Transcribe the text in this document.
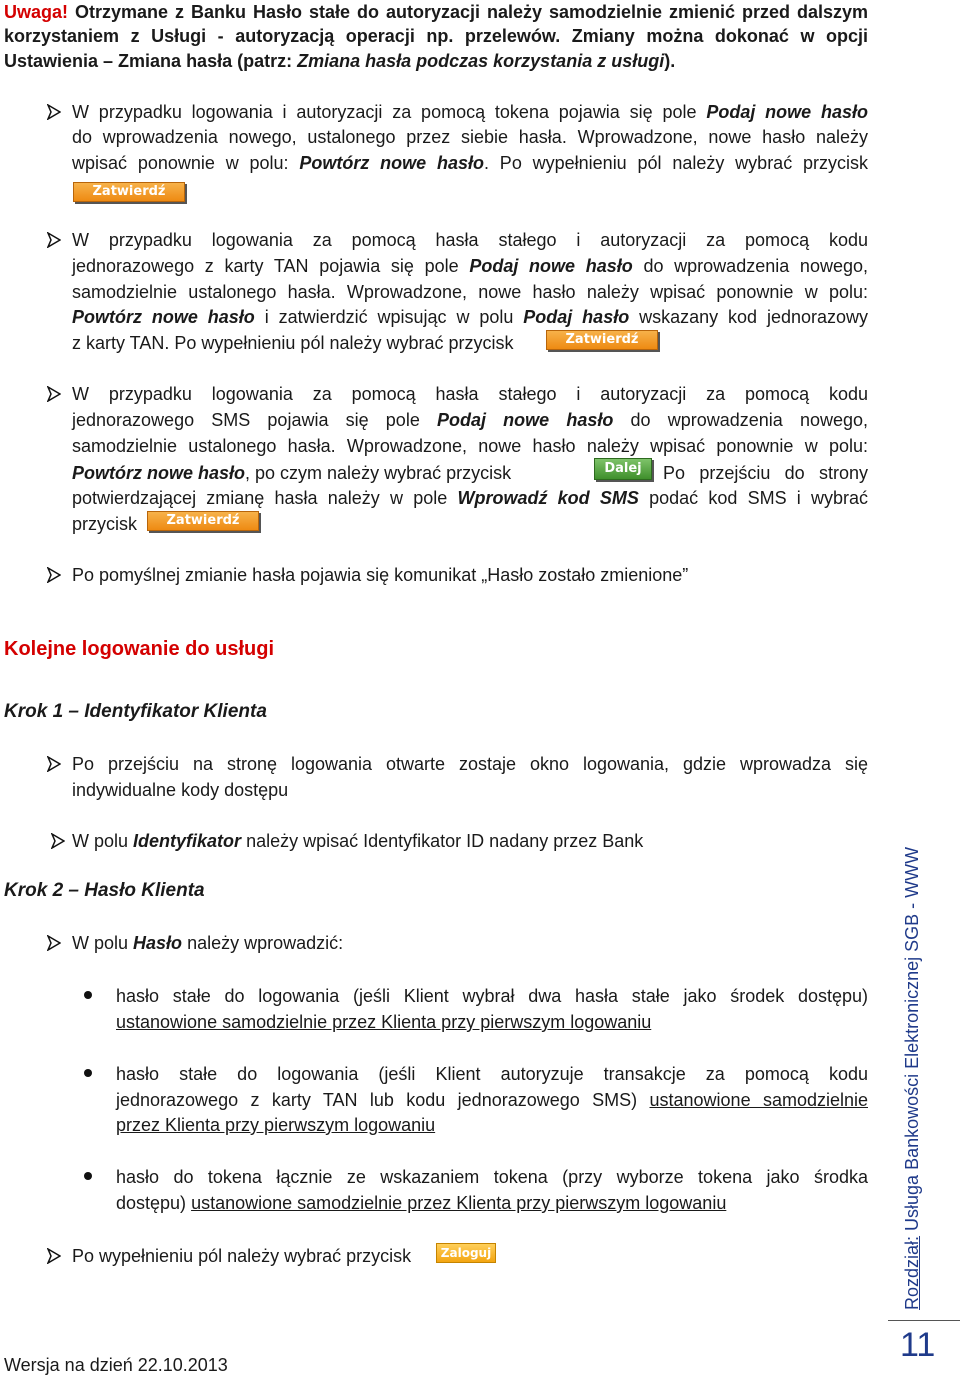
Uwaga! Otrzymane z Banku Hasło stałe do autoryzacji należy samodzielnie zmienić przed dalszym
korzystaniem z Usługi - autoryzacją operacji np. przelewów. Zmiany można dokonać w opcji
Ustawienia – Zmiana hasła (patrz: Zmiana hasła podczas korzystania z usługi).
W przypadku logowania i autoryzacji za pomocą tokena pojawia się pole Podaj nowe hasło
do wprowadzenia nowego, ustalonego przez siebie hasła. Wprowadzone, nowe hasło należy
wpisać ponownie w polu: Powtórz nowe hasło. Po wypełnieniu pól należy wybrać przycisk
Zatwierdź
W przypadku logowania za pomocą hasła stałego i autoryzacji za pomocą kodu
jednorazowego z karty TAN pojawia się pole Podaj nowe hasło do wprowadzenia nowego,
samodzielnie ustalonego hasła. Wprowadzone, nowe hasło należy wpisać ponownie w polu:
Powtórz nowe hasło i zatwierdzić wpisując w polu Podaj hasło wskazany kod jednorazowy
z karty TAN. Po wypełnieniu pól należy wybrać przycisk	Zatwierdź
W przypadku logowania za pomocą hasła stałego i autoryzacji za pomocą kodu
jednorazowego SMS pojawia się pole Podaj nowe hasło do wprowadzenia nowego,
samodzielnie ustalonego hasła. Wprowadzone, nowe hasło należy wpisać ponownie w polu:
Powtórz nowe hasło, po czym należy wybrać przycisk	Dalej	Po przejściu do strony
potwierdzającej zmianę hasła należy w pole Wprowadź kod SMS podać kod SMS i wybrać
przycisk	Zatwierdź
Po pomyślnej zmianie hasła pojawia się komunikat „Hasło zostało zmienione”
Kolejne logowanie do usługi
Krok 1 – Identyfikator Klienta
Po przejściu na stronę logowania otwarte zostaje okno logowania, gdzie wprowadza się
indywidualne kody dostępu
W polu Identyfikator należy wpisać Identyfikator ID nadany przez Bank
Krok 2 – Hasło Klienta
W polu Hasło należy wprowadzić:
hasło stałe do logowania (jeśli Klient wybrał dwa hasła stałe jako środek dostępu)
ustanowione samodzielnie przez Klienta przy pierwszym logowaniu
hasło stałe do logowania (jeśli Klient autoryzuje transakcje za pomocą kodu
jednorazowego z karty TAN lub kodu jednorazowego SMS) ustanowione samodzielnie
przez Klienta przy pierwszym logowaniu
hasło do tokena łącznie ze wskazaniem tokena (przy wyborze tokena jako środka
dostępu) ustanowione samodzielnie przez Klienta przy pierwszym logowaniu
Po wypełnieniu pól należy wybrać przycisk	Zaloguj
Wersja na dzień 22.10.2013
Rozdział: Usługa Bankowości Elektronicznej SGB - WWW
11
